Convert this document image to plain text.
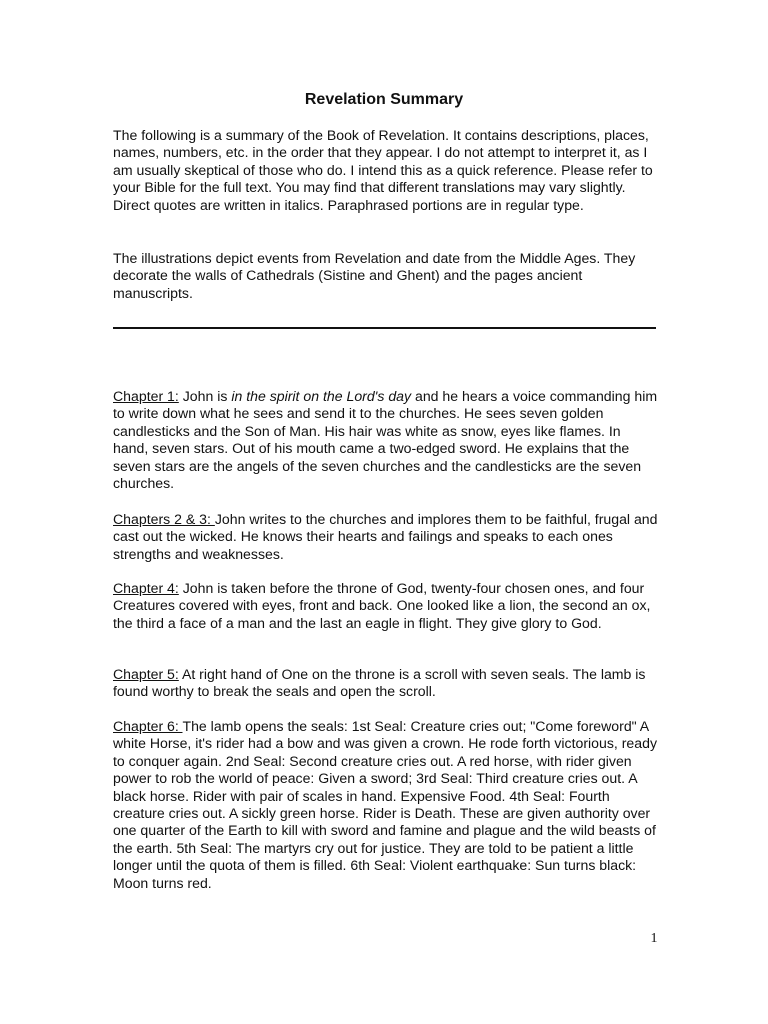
Revelation Summary

The following is a summary of the Book of Revelation. It contains descriptions, places, names, numbers, etc. in the order that they appear. I do not attempt to interpret it, as I am usually skeptical of those who do. I intend this as a quick reference. Please refer to your Bible for the full text. You may find that different translations may vary slightly. Direct quotes are written in italics. Paraphrased portions are in regular type.

The illustrations depict events from Revelation and date from the Middle Ages. They decorate the walls of Cathedrals (Sistine and Ghent) and the pages ancient manuscripts.

Chapter 1: John is in the spirit on the Lord's day and he hears a voice commanding him to write down what he sees and send it to the churches. He sees seven golden candlesticks and the Son of Man. His hair was white as snow, eyes like flames. In hand, seven stars. Out of his mouth came a two-edged sword. He explains that the seven stars are the angels of the seven churches and the candlesticks are the seven churches.

Chapters 2 & 3: John writes to the churches and implores them to be faithful, frugal and cast out the wicked. He knows their hearts and failings and speaks to each ones strengths and weaknesses.

Chapter 4: John is taken before the throne of God, twenty-four chosen ones, and four Creatures covered with eyes, front and back. One looked like a lion, the second an ox, the third a face of a man and the last an eagle in flight. They give glory to God.

Chapter 5: At right hand of One on the throne is a scroll with seven seals. The lamb is found worthy to break the seals and open the scroll.

Chapter 6: The lamb opens the seals: 1st Seal: Creature cries out; "Come foreword" A white Horse, it's rider had a bow and was given a crown. He rode forth victorious, ready to conquer again. 2nd Seal: Second creature cries out. A red horse, with rider given power to rob the world of peace: Given a sword; 3rd Seal: Third creature cries out. A black horse. Rider with pair of scales in hand. Expensive Food. 4th Seal: Fourth creature cries out. A sickly green horse. Rider is Death. These are given authority over one quarter of the Earth to kill with sword and famine and plague and the wild beasts of the earth. 5th Seal: The martyrs cry out for justice. They are told to be patient a little longer until the quota of them is filled. 6th Seal: Violent earthquake: Sun turns black: Moon turns red.

1
